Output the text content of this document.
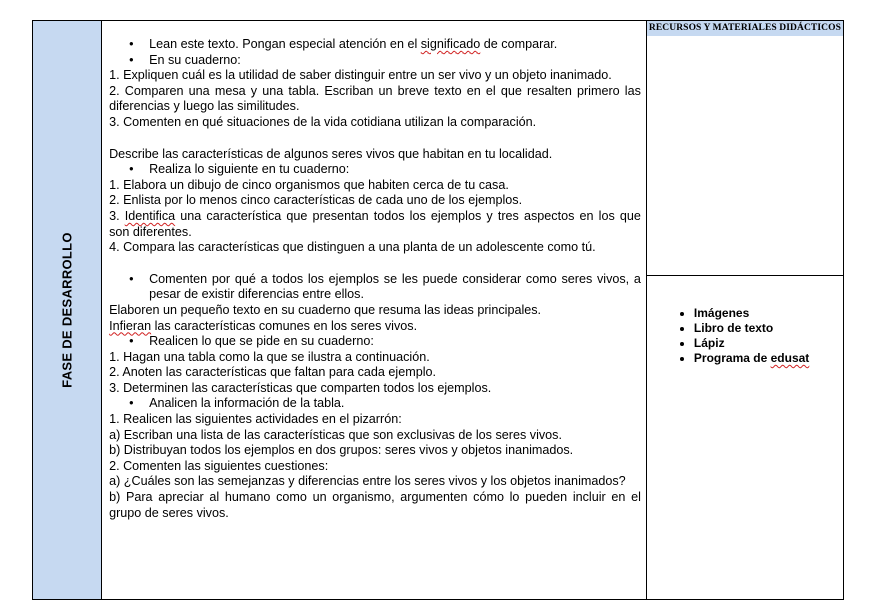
FASE DE DESARROLLO

• Lean este texto. Pongan especial atención en el significado de comparar.

• En su cuaderno:

1. Expliquen cuál es la utilidad de saber distinguir entre un ser vivo y un objeto inanimado.

2. Comparen una mesa y una tabla. Escriban un breve texto en el que resalten primero las diferencias y luego las similitudes.

3. Comenten en qué situaciones de la vida cotidiana utilizan la comparación.

Describe las características de algunos seres vivos que habitan en tu localidad.

• Realiza lo siguiente en tu cuaderno:

1. Elabora un dibujo de cinco organismos que habiten cerca de tu casa.

2. Enlista por lo menos cinco características de cada uno de los ejemplos.

3. Identifica una característica que presentan todos los ejemplos y tres aspectos en los que son diferentes.

4. Compara las características que distinguen a una planta de un adolescente como tú.

• Comenten por qué a todos los ejemplos se les puede considerar como seres vivos, a pesar de existir diferencias entre ellos.

Elaboren un pequeño texto en su cuaderno que resuma las ideas principales.

Infieran las características comunes en los seres vivos.

• Realicen lo que se pide en su cuaderno:

1. Hagan una tabla como la que se ilustra a continuación.

2. Anoten las características que faltan para cada ejemplo.

3. Determinen las características que comparten todos los ejemplos.

• Analicen la información de la tabla.

1. Realicen las siguientes actividades en el pizarrón:

a) Escriban una lista de las características que son exclusivas de los seres vivos.

b) Distribuyan todos los ejemplos en dos grupos: seres vivos y objetos inanimados.

2. Comenten las siguientes cuestiones:

a) ¿Cuáles son las semejanzas y diferencias entre los seres vivos y los objetos inanimados?

b) Para apreciar al humano como un organismo, argumenten cómo lo pueden incluir en el grupo de seres vivos.

RECURSOS Y MATERIALES DIDÁCTICOS
• Imágenes
• Libro de texto
• Lápiz
• Programa de edusat
